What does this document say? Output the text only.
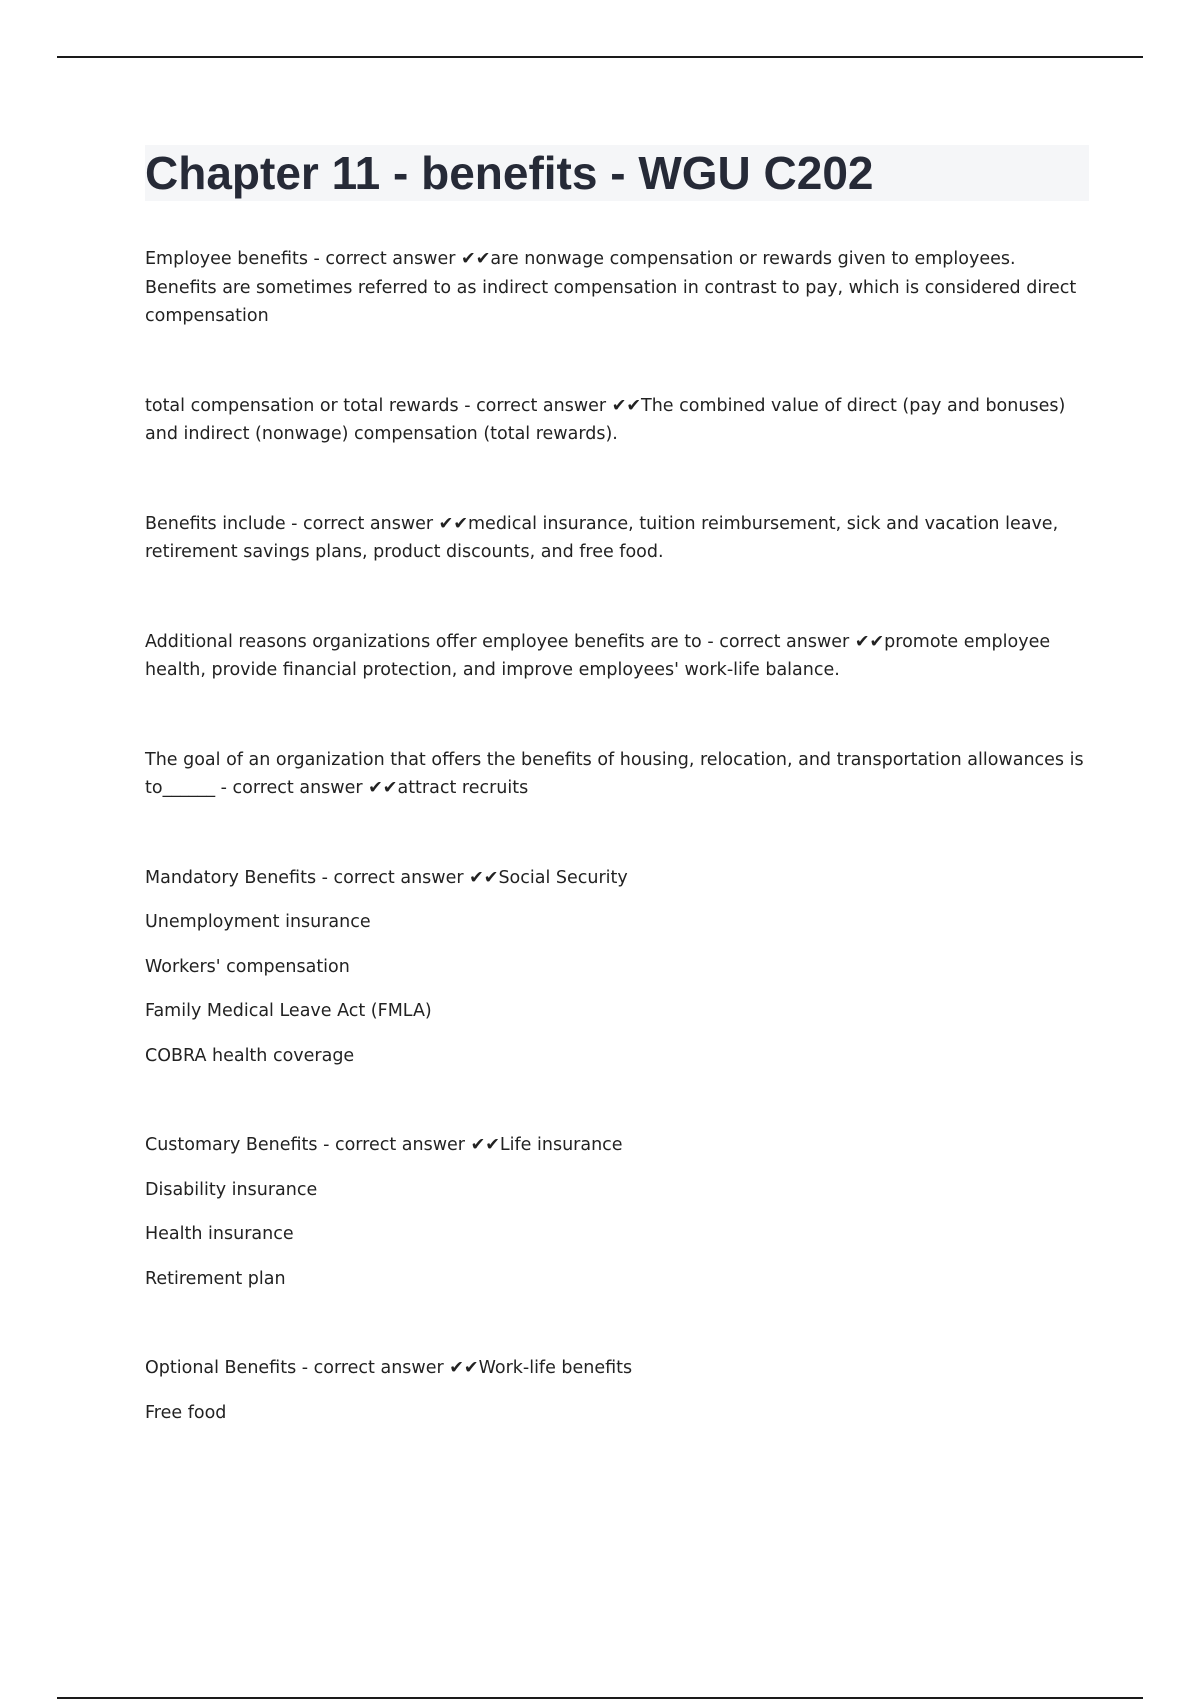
Chapter 11 - benefits - WGU C202

Employee benefits - correct answer ✔✔are nonwage compensation or rewards given to employees. Benefits are sometimes referred to as indirect compensation in contrast to pay, which is considered direct compensation

total compensation or total rewards - correct answer ✔✔The combined value of direct (pay and bonuses) and indirect (nonwage) compensation (total rewards).

Benefits include - correct answer ✔✔medical insurance, tuition reimbursement, sick and vacation leave, retirement savings plans, product discounts, and free food.

Additional reasons organizations offer employee benefits are to - correct answer ✔✔promote employee health, provide financial protection, and improve employees' work-life balance.

The goal of an organization that offers the benefits of housing, relocation, and transportation allowances is to______ - correct answer ✔✔attract recruits

Mandatory Benefits - correct answer ✔✔Social Security

Unemployment insurance

Workers' compensation

Family Medical Leave Act (FMLA)

COBRA health coverage

Customary Benefits - correct answer ✔✔Life insurance

Disability insurance

Health insurance

Retirement plan

Optional Benefits - correct answer ✔✔Work-life benefits

Free food
